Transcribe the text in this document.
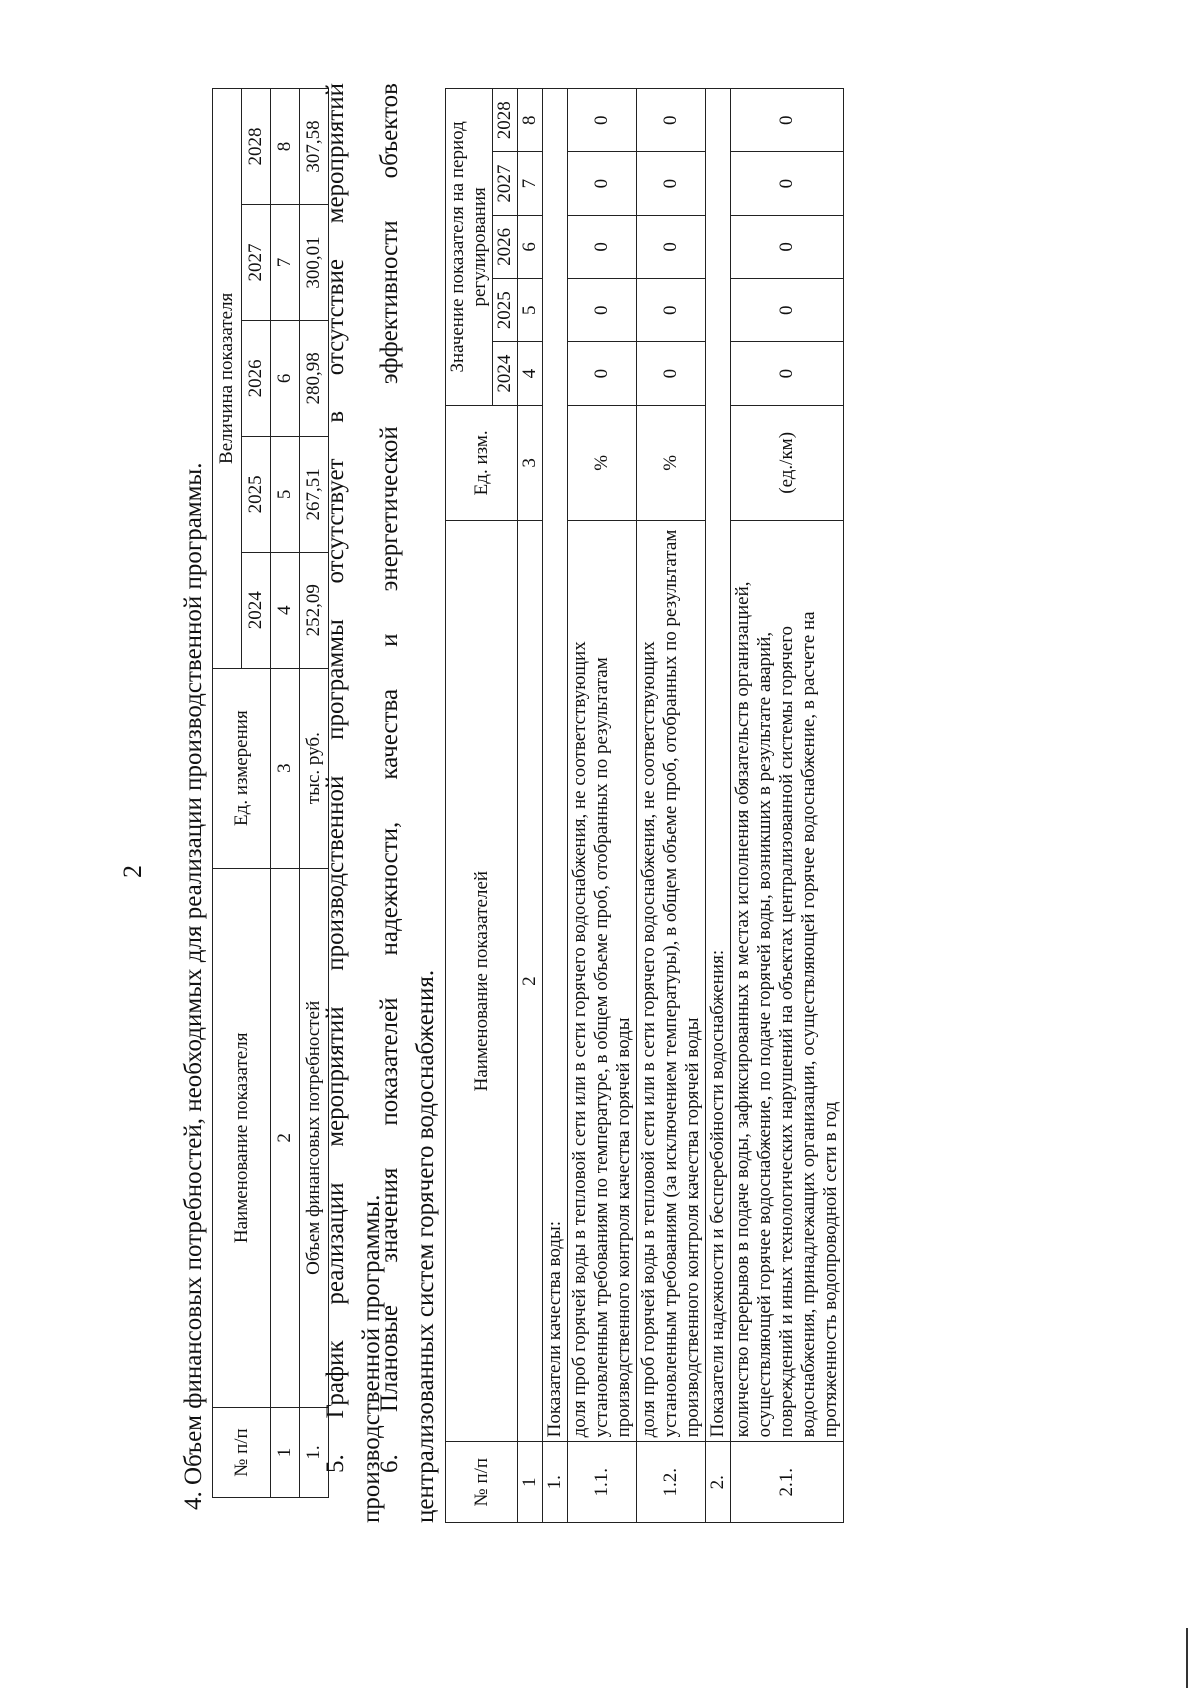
2 4. Объем финансовых потребностей, необходимых для реализации производственной программы. № п/п	Наименование показателя	Ед. измерения	Величина показателя				
			2024	2025	2026	2027	2028
1	2	3	4	5	6	7	8
1.	Объем финансовых потребностей	тыс. руб.	252,09	267,51	280,98	300,01	307,58

5. График реализации мероприятий производственной программы отсутствует в отсутствие мероприятий производственной программы.

6. Плановые значения показателей надежности, качества и энергетической эффективности объектов централизованных систем горячего водоснабжения. № п/п	Наименование показателей	Ед. изм.	Значение показателя на период регулирования				
			2024	2025	2026	2027	2028
1	2	3	4	5	6	7	8
1.	Показатели качества воды:						
1.1.	доля проб горячей воды в тепловой сети или в сети горячего водоснабжения, не соответствующих установленным требованиям по температуре, в общем объеме проб, отобранных по результатам производственного контроля качества горячей воды	%	0	0	0	0	0
1.2.	доля проб горячей воды в тепловой сети или в сети горячего водоснабжения, не соответствующих установленным требованиям (за исключением температуры), в общем объеме проб, отобранных по результатам производственного контроля качества горячей воды	%	0	0	0	0	0
2.	Показатели надежности и бесперебойности водоснабжения:						
2.1.	количество перерывов в подаче воды, зафиксированных в местах исполнения обязательств организацией, осуществляющей горячее водоснабжение, по подаче горячей воды, возникших в результате аварий, повреждений и иных технологических нарушений на объектах централизованной системы горячего водоснабжения, принадлежащих организации, осуществляющей горячее водоснабжение, в расчете на протяженность водопроводной сети в год	(ед./км)	0	0	0	0	0
